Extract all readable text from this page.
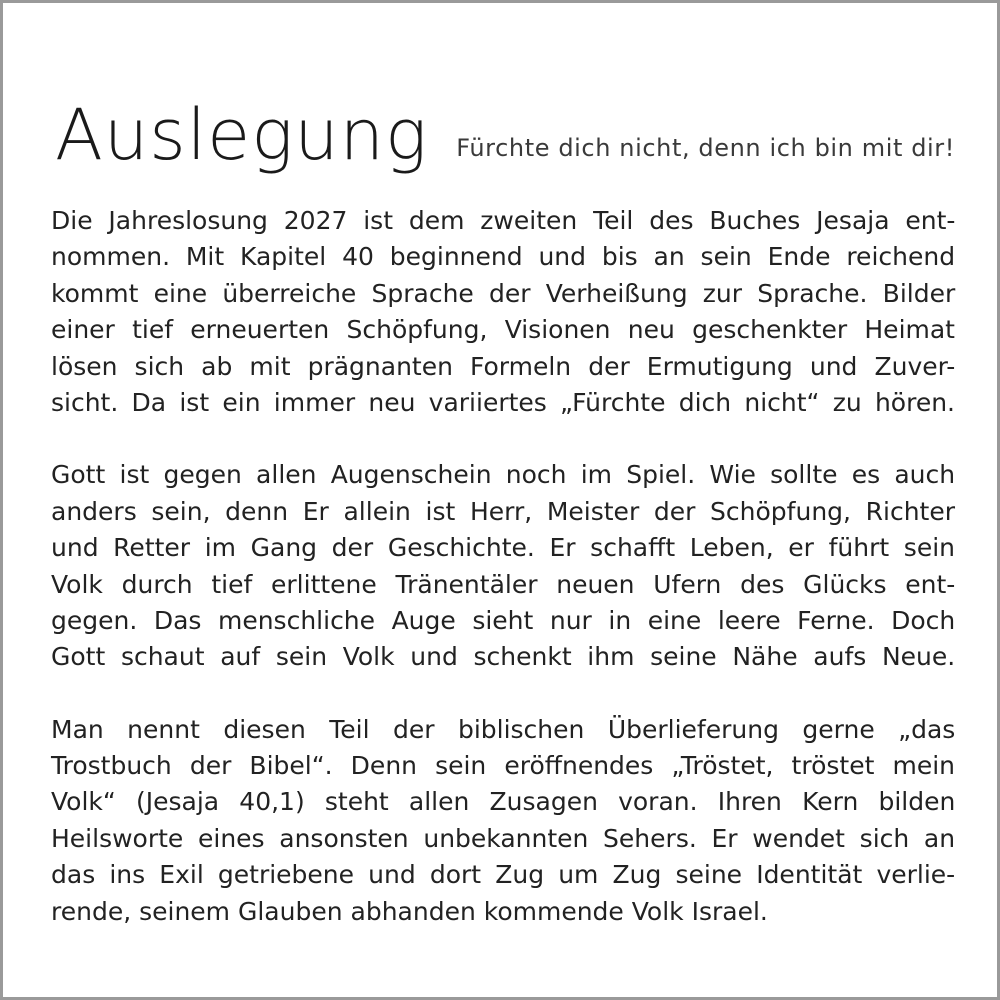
Auslegung Fürchte dich nicht, denn ich bin mit dir!

Die Jahreslosung 2027 ist dem zweiten Teil des Buches Jesaja ent-
nommen. Mit Kapitel 40 beginnend und bis an sein Ende reichend
kommt eine überreiche Sprache der Verheißung zur Sprache. Bilder
einer tief erneuerten Schöpfung, Visionen neu geschenkter Heimat
lösen sich ab mit prägnanten Formeln der Ermutigung und Zuver-
sicht. Da ist ein immer neu variiertes „Fürchte dich nicht“ zu hören.

Gott ist gegen allen Augenschein noch im Spiel. Wie sollte es auch
anders sein, denn Er allein ist Herr, Meister der Schöpfung, Richter
und Retter im Gang der Geschichte. Er schafft Leben, er führt sein
Volk durch tief erlittene Tränentäler neuen Ufern des Glücks ent-
gegen. Das menschliche Auge sieht nur in eine leere Ferne. Doch
Gott schaut auf sein Volk und schenkt ihm seine Nähe aufs Neue.

Man nennt diesen Teil der biblischen Überlieferung gerne „das
Trostbuch der Bibel“. Denn sein eröffnendes „Tröstet, tröstet mein
Volk“ (Jesaja 40,1) steht allen Zusagen voran. Ihren Kern bilden
Heilsworte eines ansonsten unbekannten Sehers. Er wendet sich an
das ins Exil getriebene und dort Zug um Zug seine Identität verlie-
rende, seinem Glauben abhanden kommende Volk Israel.
